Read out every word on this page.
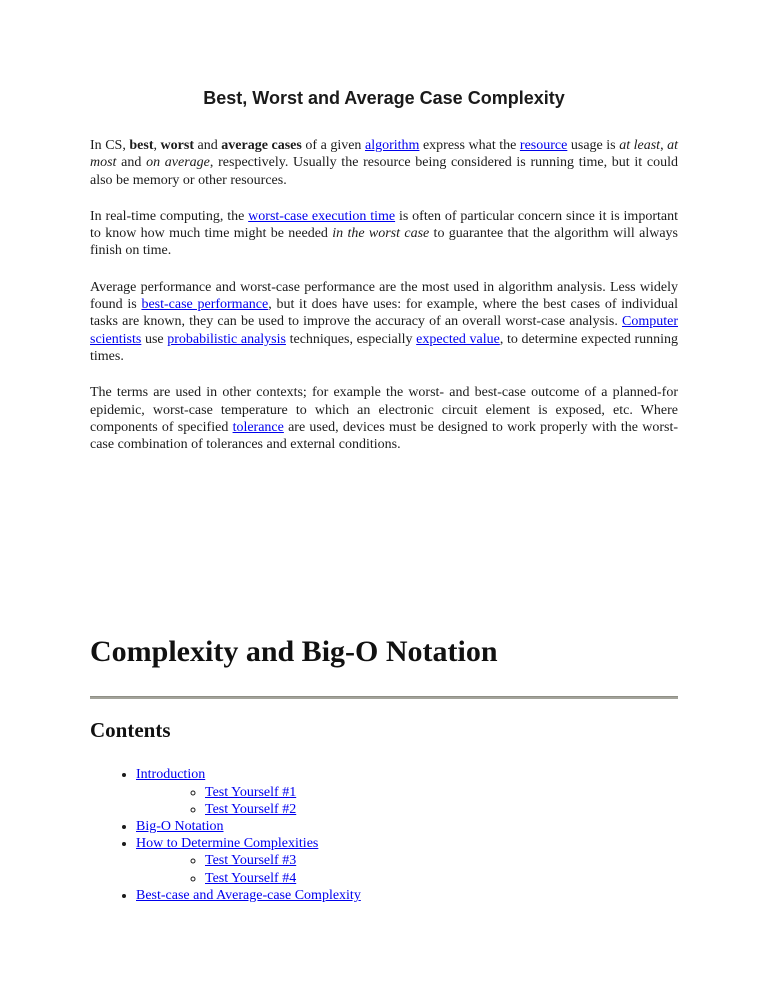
Best, Worst and Average Case Complexity

In CS, best, worst and average cases of a given algorithm express what the resource usage is at least, at most and on average, respectively. Usually the resource being considered is running time, but it could also be memory or other resources.

In real-time computing, the worst-case execution time is often of particular concern since it is important to know how much time might be needed in the worst case to guarantee that the algorithm will always finish on time.

Average performance and worst-case performance are the most used in algorithm analysis. Less widely found is best-case performance, but it does have uses: for example, where the best cases of individual tasks are known, they can be used to improve the accuracy of an overall worst-case analysis. Computer scientists use probabilistic analysis techniques, especially expected value, to determine expected running times.

The terms are used in other contexts; for example the worst- and best-case outcome of a planned-for epidemic, worst-case temperature to which an electronic circuit element is exposed, etc. Where components of specified tolerance are used, devices must be designed to work properly with the worst-case combination of tolerances and external conditions.

Complexity and Big-O Notation
Contents
• Introduction
◦ Test Yourself #1
◦ Test Yourself #2
• Big-O Notation
• How to Determine Complexities
◦ Test Yourself #3
◦ Test Yourself #4
• Best-case and Average-case Complexity
